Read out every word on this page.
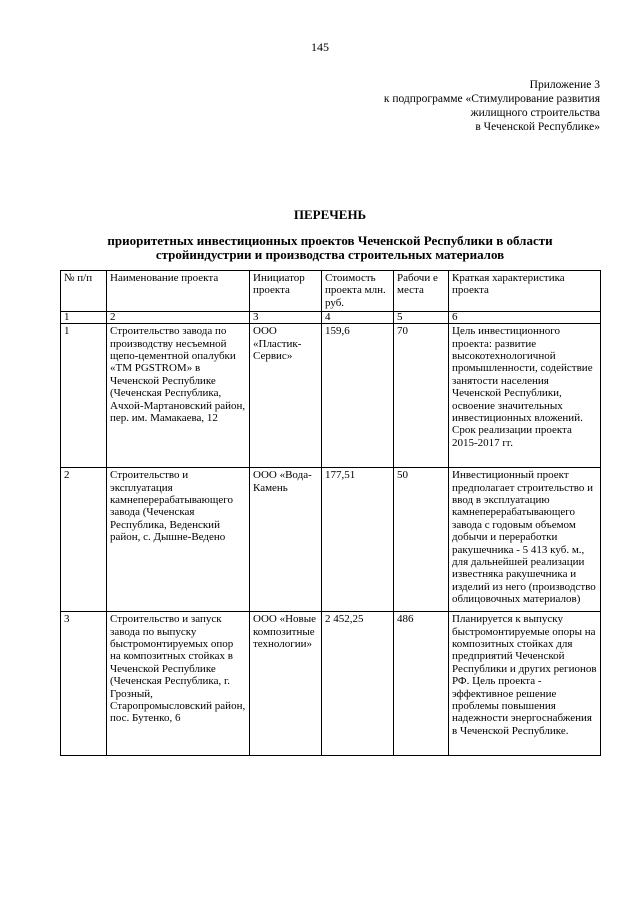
145
Приложение 3
к подпрограмме «Стимулирование развития
жилищного строительства
в Чеченской Республике»
ПЕРЕЧЕНЬ
приоритетных инвестиционных проектов Чеченской Республики в области
стройиндустрии и производства строительных материалов
№ п/п	Наименование проекта	Инициатор проекта	Стоимость проекта млн. руб.	Рабочи е места	Краткая характеристика проекта
1	2	3	4	5	6
1	Строительство завода по производству несъемной щепо-цементной опалубки «TM PGSTROM» в Чеченской Республике (Чеченская Республика, Ачхой-Мартановский район, пер. им. Мамакаева, 12	ООО «Пластик-Сервис»	159,6	70	Цель инвестиционного проекта: развитие высокотехнологичной промышленности, содействие занятости населения Чеченской Республики, освоение значительных инвестиционных вложений. Срок реализации проекта 2015-2017 гг.
2	Строительство и эксплуатация камнеперерабатывающего завода (Чеченская Республика, Веденский район, с. Дышне-Ведено	ООО «Вода-Камень	177,51	50	Инвестиционный проект предполагает строительство и ввод в эксплуатацию камнеперерабатывающего завода с годовым объемом добычи и переработки ракушечника - 5 413 куб. м., для дальнейшей реализации известняка ракушечника и изделий из него (производство облицовочных материалов)
3	Строительство и запуск завода по выпуску быстромонтируемых опор на композитных стойках в Чеченской Республике (Чеченская Республика, г. Грозный, Старопромысловский район, пос. Бутенко, 6	ООО «Новые композитные технологии»	2 452,25	486	Планируется к выпуску быстромонтируемые опоры на композитных стойках для предприятий Чеченской Республики и других регионов РФ. Цель проекта - эффективное решение проблемы повышения надежности энергоснабжения в Чеченской Республике.
